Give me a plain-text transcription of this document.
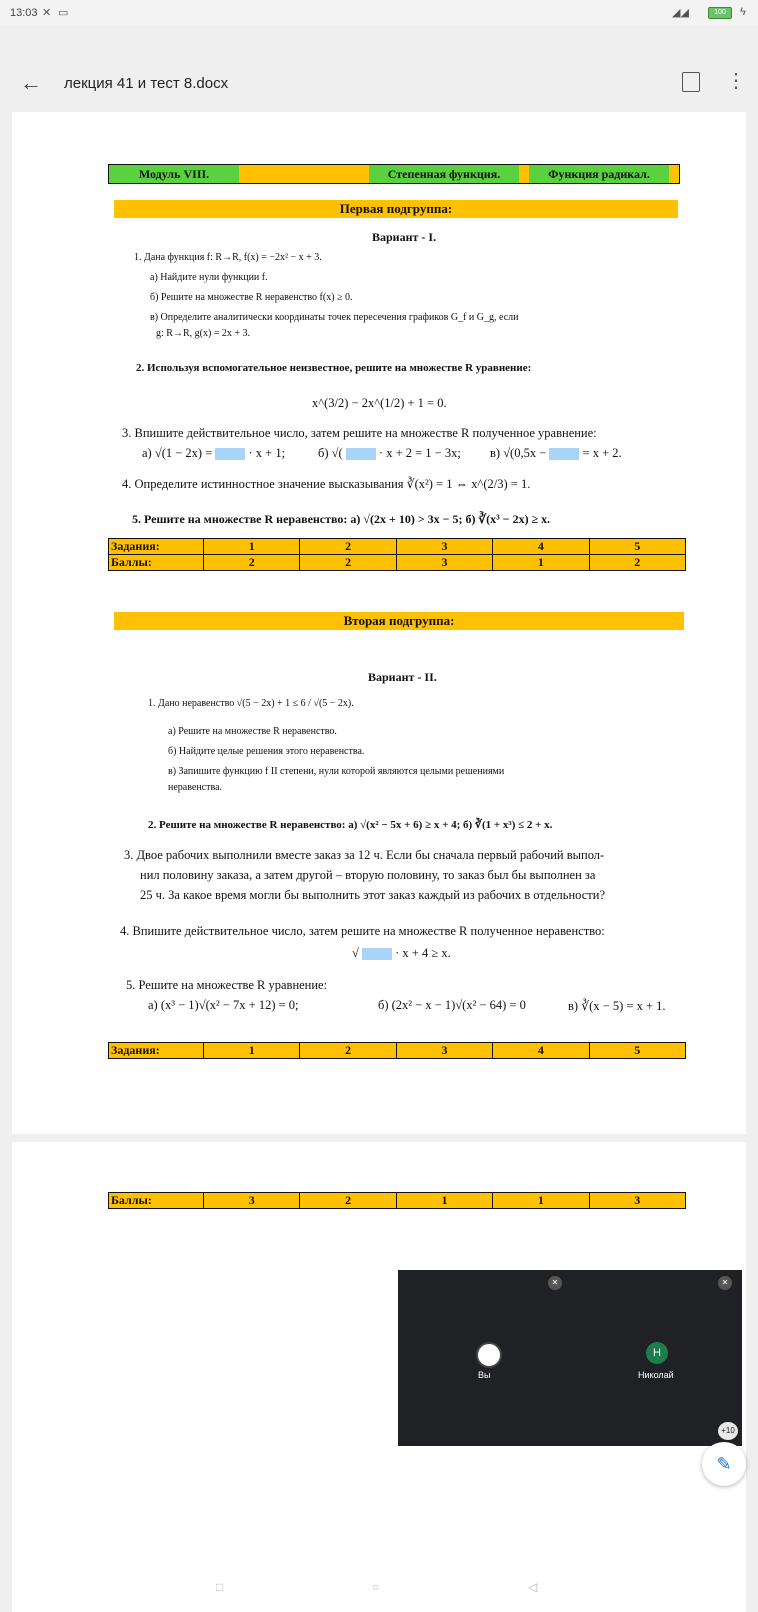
13:03 ✕ ▭	◢◢	100	ϟ
← лекция 41 и тест 8.docx	⋮
Модуль VIII.	Степенная функция.	Функция радикал.
Первая подгруппа:
Вариант - I.
1. Дана функция f: R→R, f(x) = −2x² − x + 3.
а) Найдите нули функции f.
б) Решите на множестве R неравенство f(x) ≥ 0.
в) Определите аналитически координаты точек пересечения графиков G_f и G_g, если
g: R→R, g(x) = 2x + 3.
2. Используя вспомогательное неизвестное, решите на множестве R уравнение:
x^(3/2) − 2x^(1/2) + 1 = 0.
3. Впишите действительное число, затем решите на множестве R полученное уравнение:
а) √(1 − 2x) =	· x + 1;	б) √(	· x + 2 = 1 − 3x; в) √(0,5x −	= x + 2.
4. Определите истинностное значение высказывания ∛(x²) = 1 ⇔ x^(2/3) = 1.
5. Решите на множестве R неравенство: а) √(2x + 10) > 3x − 5; б) ∛(x³ − 2x) ≥ x.
Задания:	1	2	3	4	5
Баллы:	2	2	3	1	2
Вторая подгруппа:
Вариант - II.
1. Дано неравенство √(5 − 2x) + 1 ≤ 6 / √(5 − 2x).
а) Решите на множестве R неравенство.
б) Найдите целые решения этого неравенства.
в) Запишите функцию f II степени, нули которой являются целыми решениями
неравенства.
2. Решите на множестве R неравенство: а) √(x² − 5x + 6) ≥ x + 4; б) ∛(1 + x³) ≤ 2 + x.
3. Двое рабочих выполнили вместе заказ за 12 ч. Если бы сначала первый рабочий выпол-
нил половину заказа, а затем другой – вторую половину, то заказ был бы выполнен за
25 ч. За какое время могли бы выполнить этот заказ каждый из рабочих в отдельности?
4. Впишите действительное число, затем решите на множестве R полученное неравенство:
√	· x + 4 ≥ x.
5. Решите на множестве R уравнение:
а) (x³ − 1)√(x² − 7x + 12) = 0;	б) (2x² − x − 1)√(x² − 64) = 0	в) ∛(x − 5) = x + 1.
Задания:	1	2	3	4	5
Баллы:	3	2	1	1	3
✕	✕
Вы
Н
Николай
+10
✎
□	○	◁
